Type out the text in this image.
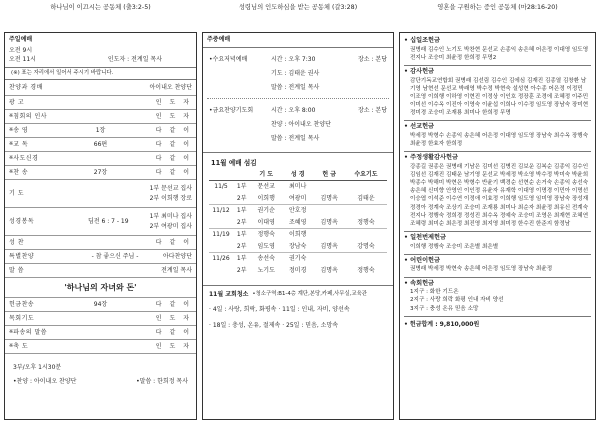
하나님이 이끄시는 공동체 (출3:2-5)	성령님의 인도하심을 받는 공동체 (갈3:28)	영혼을 구원하는 증인 공동체 (마28:16-20)
주일예배
오전 9시
오전 11시	인도자 : 전계일 목사
(※) 표는 자리에서 일어서 주시기 바랍니다.
찬양과 경배	아이내오 찬양단
광 고	인 도 자
※ 침회의 인사	인 도 자
※ 송 영	1장	다 같 이
※ 교 독	66편	다 같 이
※ 사도신경	다 같 이
※ 찬 송	27장	다 같 이
기 도
1부 문선교 집사
2부 이희행 장로
성경봉독	딤전 6 : 7 - 19
1부 최미나 집사
2부 여광미 집사
성 찬	다 같 이
특별찬양	- 참 좋으신 주님 -	아다찬양단
말 씀	전계일 목사
'하나님의 자녀와 돈'
헌금찬송	94장	다 같 이
목회기도	인 도 자
※ 파송의 말씀	다 같 이
※ 축 도	인 도 자
3부/오후 1시30분
•찬양 : 아이내오 찬양단	•말씀 : 한희정 목사
주중예배
•수요저녁예배	시간 : 오후 7:30	장소 : 본당
기도 : 김태운 권사
말씀 : 전계일 목사
•금요찬양기도회	시간 : 오후 8:00	장소 : 본당
찬양 : 아이내오 찬양단
말씀 : 전계일 목사
11월 예배 섬김
		기 도	성 경	헌 금	수요기도
11/5	1부	문선교	최미나		
	2부	이희행	여광미	김명옥	김태운
11/12	1부	권기순	안호정		
	2부	이대영	조혜영	김명옥	정행숙
11/19	1부	정행숙	이희행		
	2부	임도영	장남숙	김명옥	강명숙
11/26	1부	송선숙	권기숙		
	2부	노기도	정미경	김명옥	정행숙
11월 교회청소 •청소구역:B1-4층 계단,본당,카페,사무실,교육관
· 4일 : 사랑, 희락, 화평속 · 11일 : 인내, 자비, 양선속
· 18일 : 충성, 온유, 절제속 · 25일 : 믿음, 소망속
• 십일조헌금
권병래 김수인 노기도 박찬현 문선교 손종익 송은혜 어은정 이대영 임도영 전지나 조승미 최윤정 한희정 무명2
• 감사헌금
감단기독교연합회 권병래 김선림 김수인 김에심 김재진 김종열 김창환 남기영 남현선 문선교 박래영 박수정 박현숙 설성현 아수종 어은정 이정민 이조영 이희행 이하영 이현진 이정상 이인호 정장훈 조경에 조혜정 이주민 이미선 이수옥 이진아 이영숙 이윤섭 이희나 이수정 임도영 장남숙 장미현 정미경 조승미 조재룡 최미나 한희정 무명
• 선교헌금
박세정 박형수 손종익 송은혜 어은정 이대영 임도영 장남숙 최수옥 장행숙 최윤정 한효자 한희정
• 주정생활감사헌금
강종길 권종은 권병래 기남은 김미선 김병진 김보운 김복순 김종익 김수인 김임선 김재진 김태운 남기영 문선교 박세정 박소영 박수정 박미숙 박윤희 박종수 박해미 박현은 박형수 반윤기 백경순 선현순 손거숙 손종익 송선숙 송은혜 신미향 안영인 이인정 유윤자 유재학 이대영 이명경 이민아 이명선 이승엽 이석준 이수연 이정애 이효정 이희행 임도영 임미영 장남숙 장성재 정경아 정계숙 조상기 조승미 조재룡 최미나 최순자 최윤정 최유신 전계숙 전지나 정행숙 정희경 정성진 최수옥 정예숙 조승미 조영은 최재현 조혜연 조혜령 최미순 최은정 최진영 최지영 최미정 한수진 한준지 함정남
• 일천번제헌금
이희행 정행숙 조승미 조은별 최은별
• 어린이헌금
권병래 박세정 박현숙 송은혜 어은정 임도영 장남숙 최윤정
• 속회헌금
1지구 : 화한 기드온
2지구 : 사랑 희락 화평 인내 자비 양선
3지구 : 충성 온유 믿음 소망
• 헌금합계 : 9,810,000원
